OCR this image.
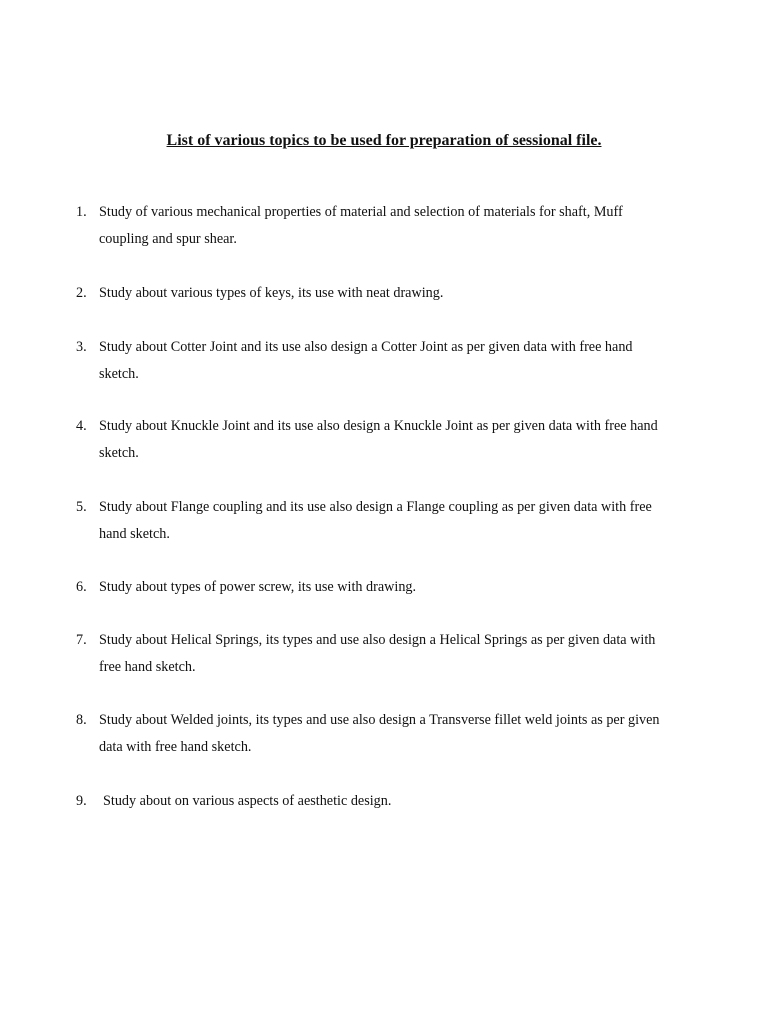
List of various topics to be used for preparation of sessional file.
1. Study of various mechanical properties of material and selection of materials for shaft, Muff coupling and spur shear.
2. Study about various types of keys, its use with neat drawing.
3. Study about Cotter Joint and its use also design a Cotter Joint as per given data with free hand sketch.
4. Study about Knuckle Joint and its use also design a Knuckle Joint as per given data with free hand sketch.
5. Study about Flange coupling and its use also design a Flange coupling as per given data with free hand sketch.
6. Study about types of power screw, its use with drawing.
7. Study about Helical Springs, its types and use also design a Helical Springs as per given data with free hand sketch.
8. Study about Welded joints, its types and use also design a Transverse fillet weld joints as per given data with free hand sketch.
9. Study about on various aspects of aesthetic design.
